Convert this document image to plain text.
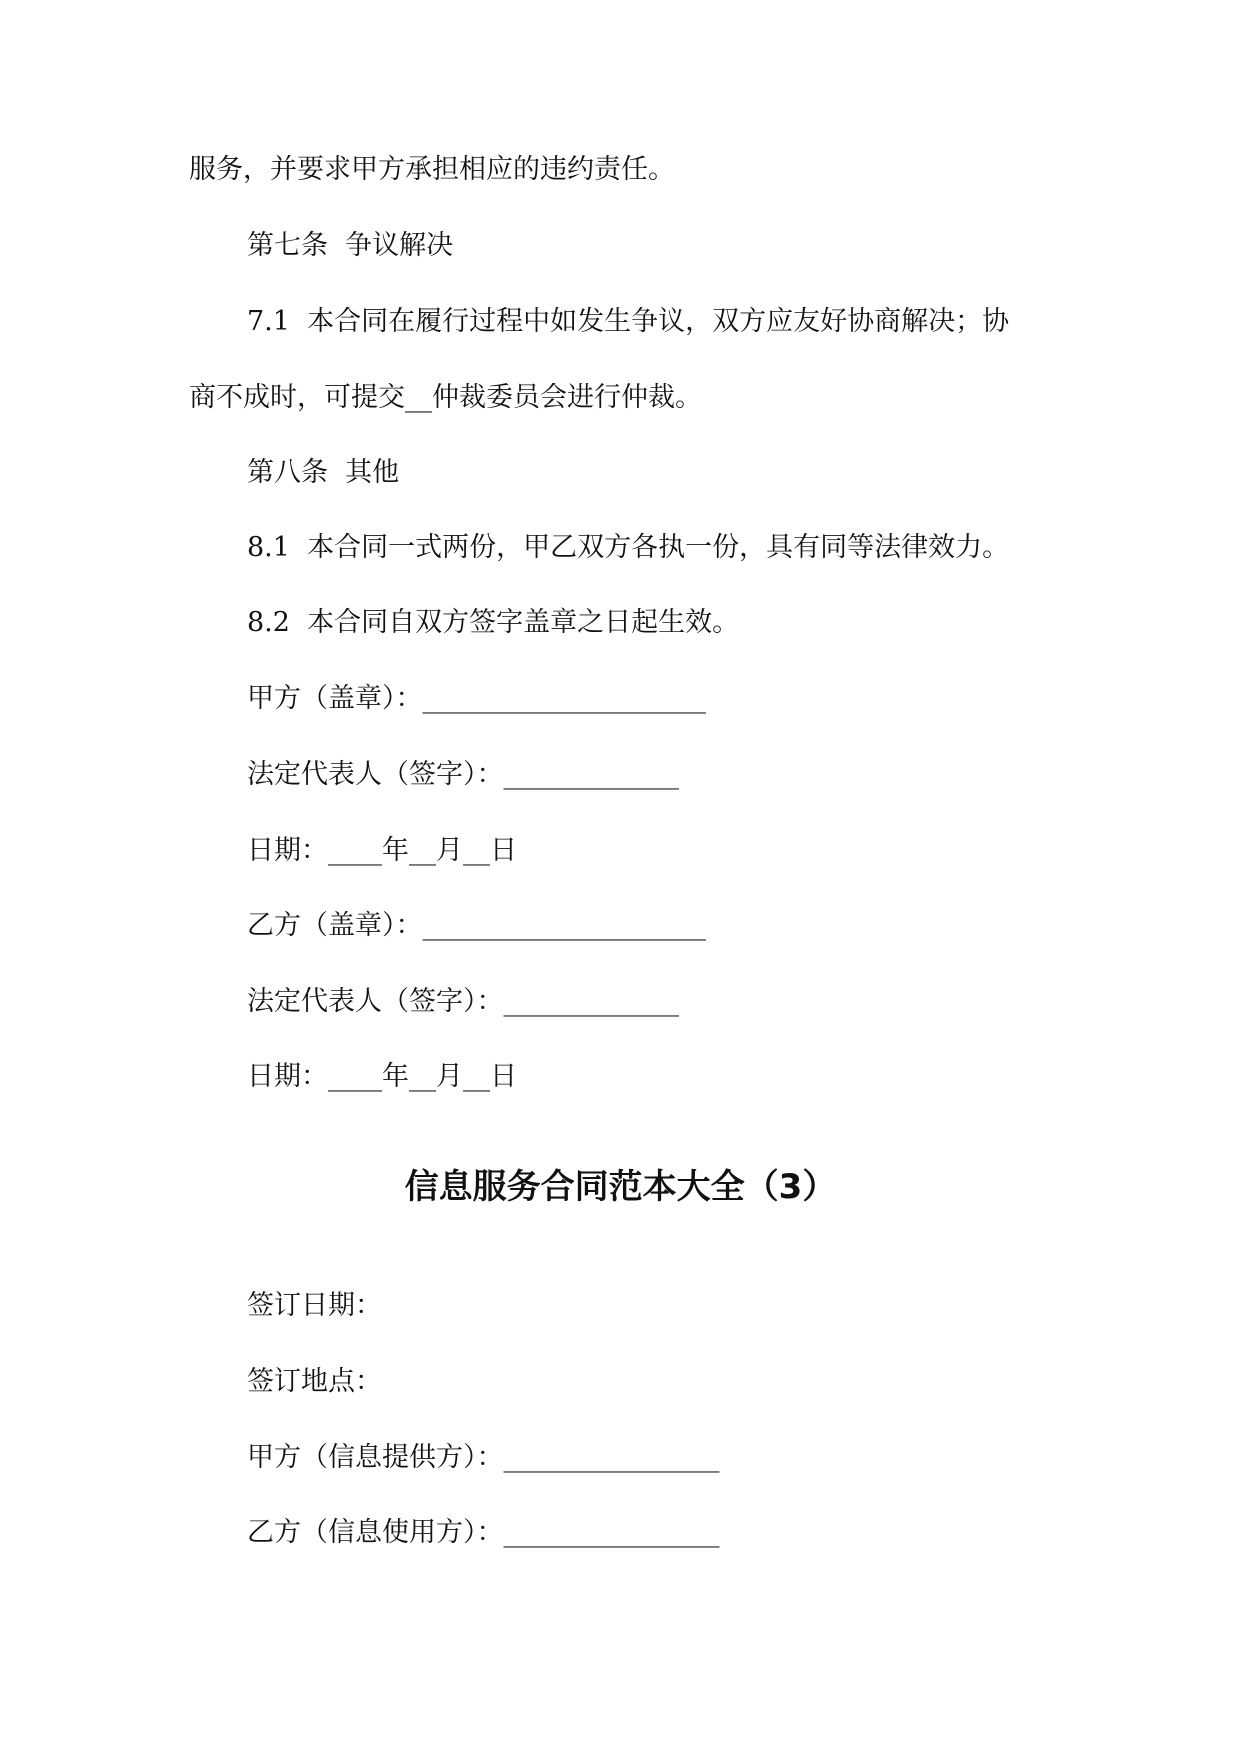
服务，并要求甲方承担相应的违约责任。
第七条  争议解决
7.1  本合同在履行过程中如发生争议，双方应友好协商解决；协
商不成时，可提交__仲裁委员会进行仲裁。
第八条  其他
8.1  本合同一式两份，甲乙双方各执一份，具有同等法律效力。
8.2  本合同自双方签字盖章之日起生效。
甲方（盖章）：_____________________
法定代表人（签字）：_____________
日期：____年__月__日
乙方（盖章）：_____________________
法定代表人（签字）：_____________
日期：____年__月__日
信息服务合同范本大全（3）
签订日期：
签订地点：
甲方（信息提供方）：________________
乙方（信息使用方）：________________
